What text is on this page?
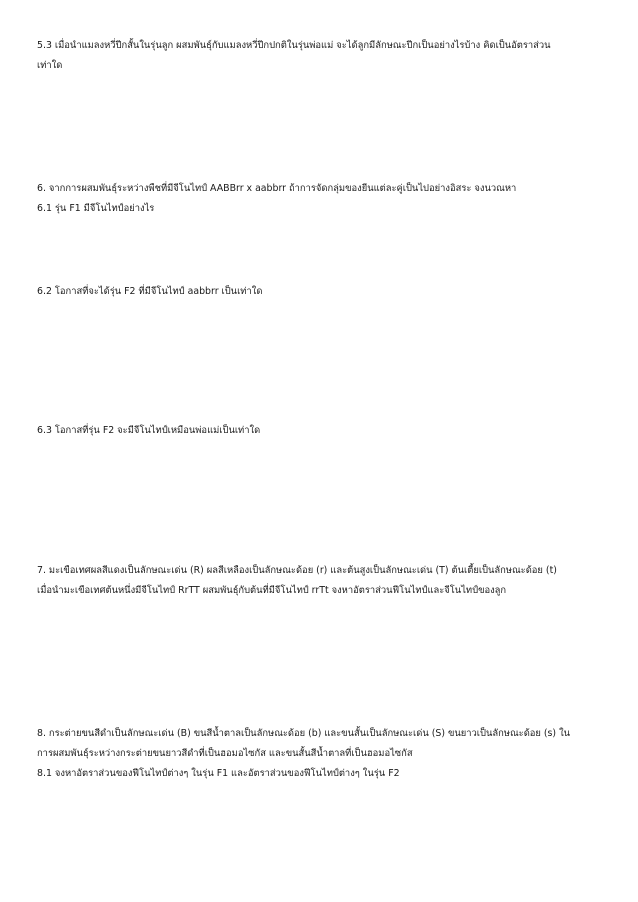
5.3 เมื่อนำแมลงหวี่ปีกสั้นในรุ่นลูก ผสมพันธุ์กับแมลงหวี่ปีกปกติในรุ่นพ่อแม่ จะได้ลูกมีลักษณะปีกเป็นอย่างไรบ้าง คิดเป็นอัตราส่วน
เท่าใด
6. จากการผสมพันธุ์ระหว่างพืชที่มีจีโนไทป์ AABBrr x aabbrr ถ้าการจัดกลุ่มของยีนแต่ละคู่เป็นไปอย่างอิสระ จงนวณหา
6.1 รุ่น F1 มีจีโนไทป์อย่างไร
6.2 โอกาสที่จะได้รุ่น F2 ที่มีจีโนไทป์ aabbrr เป็นเท่าใด
6.3 โอกาสที่รุ่น F2 จะมีจีโนไทป์เหมือนพ่อแม่เป็นเท่าใด
7. มะเขือเทศผลสีแดงเป็นลักษณะเด่น (R) ผลสีเหลืองเป็นลักษณะด้อย (r) และต้นสูงเป็นลักษณะเด่น (T) ต้นเตี้ยเป็นลักษณะด้อย (t)
เมื่อนำมะเขือเทศต้นหนึ่งมีจีโนไทป์ RrTT ผสมพันธุ์กับต้นที่มีจีโนไทป์ rrTt จงหาอัตราส่วนฟีโนไทป์และจีโนไทป์ของลูก
8. กระต่ายขนสีดำเป็นลักษณะเด่น (B) ขนสีน้ำตาลเป็นลักษณะด้อย (b) และขนสั้นเป็นลักษณะเด่น (S) ขนยาวเป็นลักษณะด้อย (s) ใน
การผสมพันธุ์ระหว่างกระต่ายขนยาวสีดำที่เป็นฮอมอไซกัส และขนสั้นสีน้ำตาลที่เป็นฮอมอไซกัส
8.1 จงหาอัตราส่วนของฟีโนไทป์ต่างๆ ในรุ่น F1 และอัตราส่วนของฟีโนไทป์ต่างๆ ในรุ่น F2
